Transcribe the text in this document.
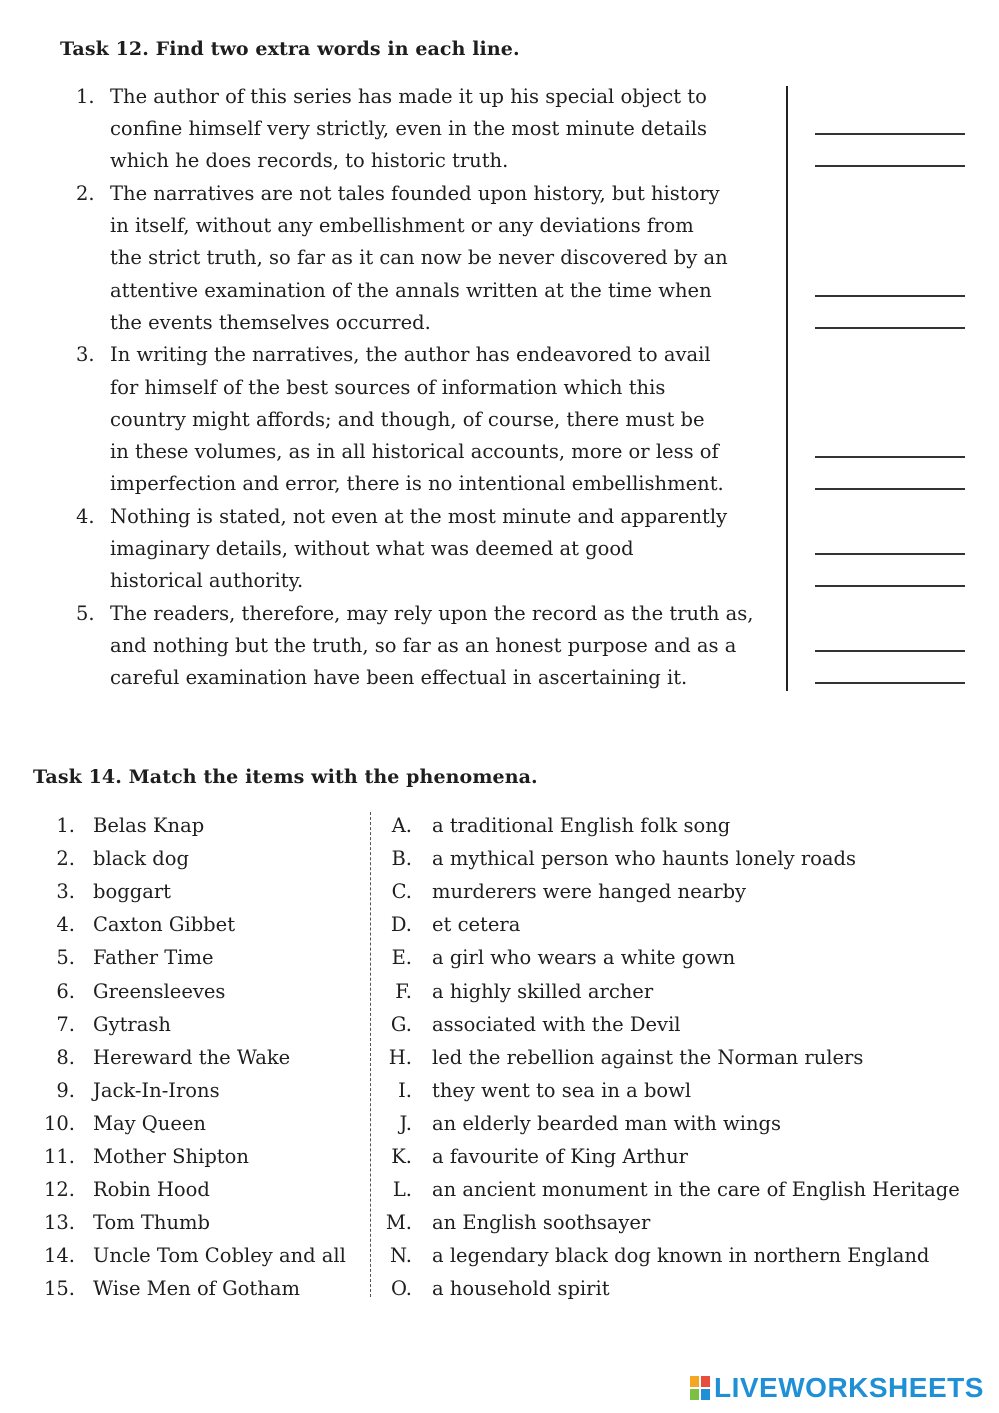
Task 12. Find two extra words in each line.
1. The author of this series has made it up his special object to
confine himself very strictly, even in the most minute details
which he does records, to historic truth.
2. The narratives are not tales founded upon history, but history
in itself, without any embellishment or any deviations from
the strict truth, so far as it can now be never discovered by an
attentive examination of the annals written at the time when
the events themselves occurred.
3. In writing the narratives, the author has endeavored to avail
for himself of the best sources of information which this
country might affords; and though, of course, there must be
in these volumes, as in all historical accounts, more or less of
imperfection and error, there is no intentional embellishment.
4. Nothing is stated, not even at the most minute and apparently
imaginary details, without what was deemed at good
historical authority.
5. The readers, therefore, may rely upon the record as the truth as,
and nothing but the truth, so far as an honest purpose and as a
careful examination have been effectual in ascertaining it.
Task 14. Match the items with the phenomena.
1. Belas Knap
2. black dog
3. boggart
4. Caxton Gibbet
5. Father Time
6. Greensleeves
7. Gytrash
8. Hereward the Wake
9. Jack-In-Irons
10. May Queen
11. Mother Shipton
12. Robin Hood
13. Tom Thumb
14. Uncle Tom Cobley and all
15. Wise Men of Gotham
A. a traditional English folk song
B. a mythical person who haunts lonely roads
C. murderers were hanged nearby
D. et cetera
E. a girl who wears a white gown
F. a highly skilled archer
G. associated with the Devil
H. led the rebellion against the Norman rulers
I. they went to sea in a bowl
J. an elderly bearded man with wings
K. a favourite of King Arthur
L. an ancient monument in the care of English Heritage
M. an English soothsayer
N. a legendary black dog known in northern England
O. a household spirit
LIVEWORKSHEETS
